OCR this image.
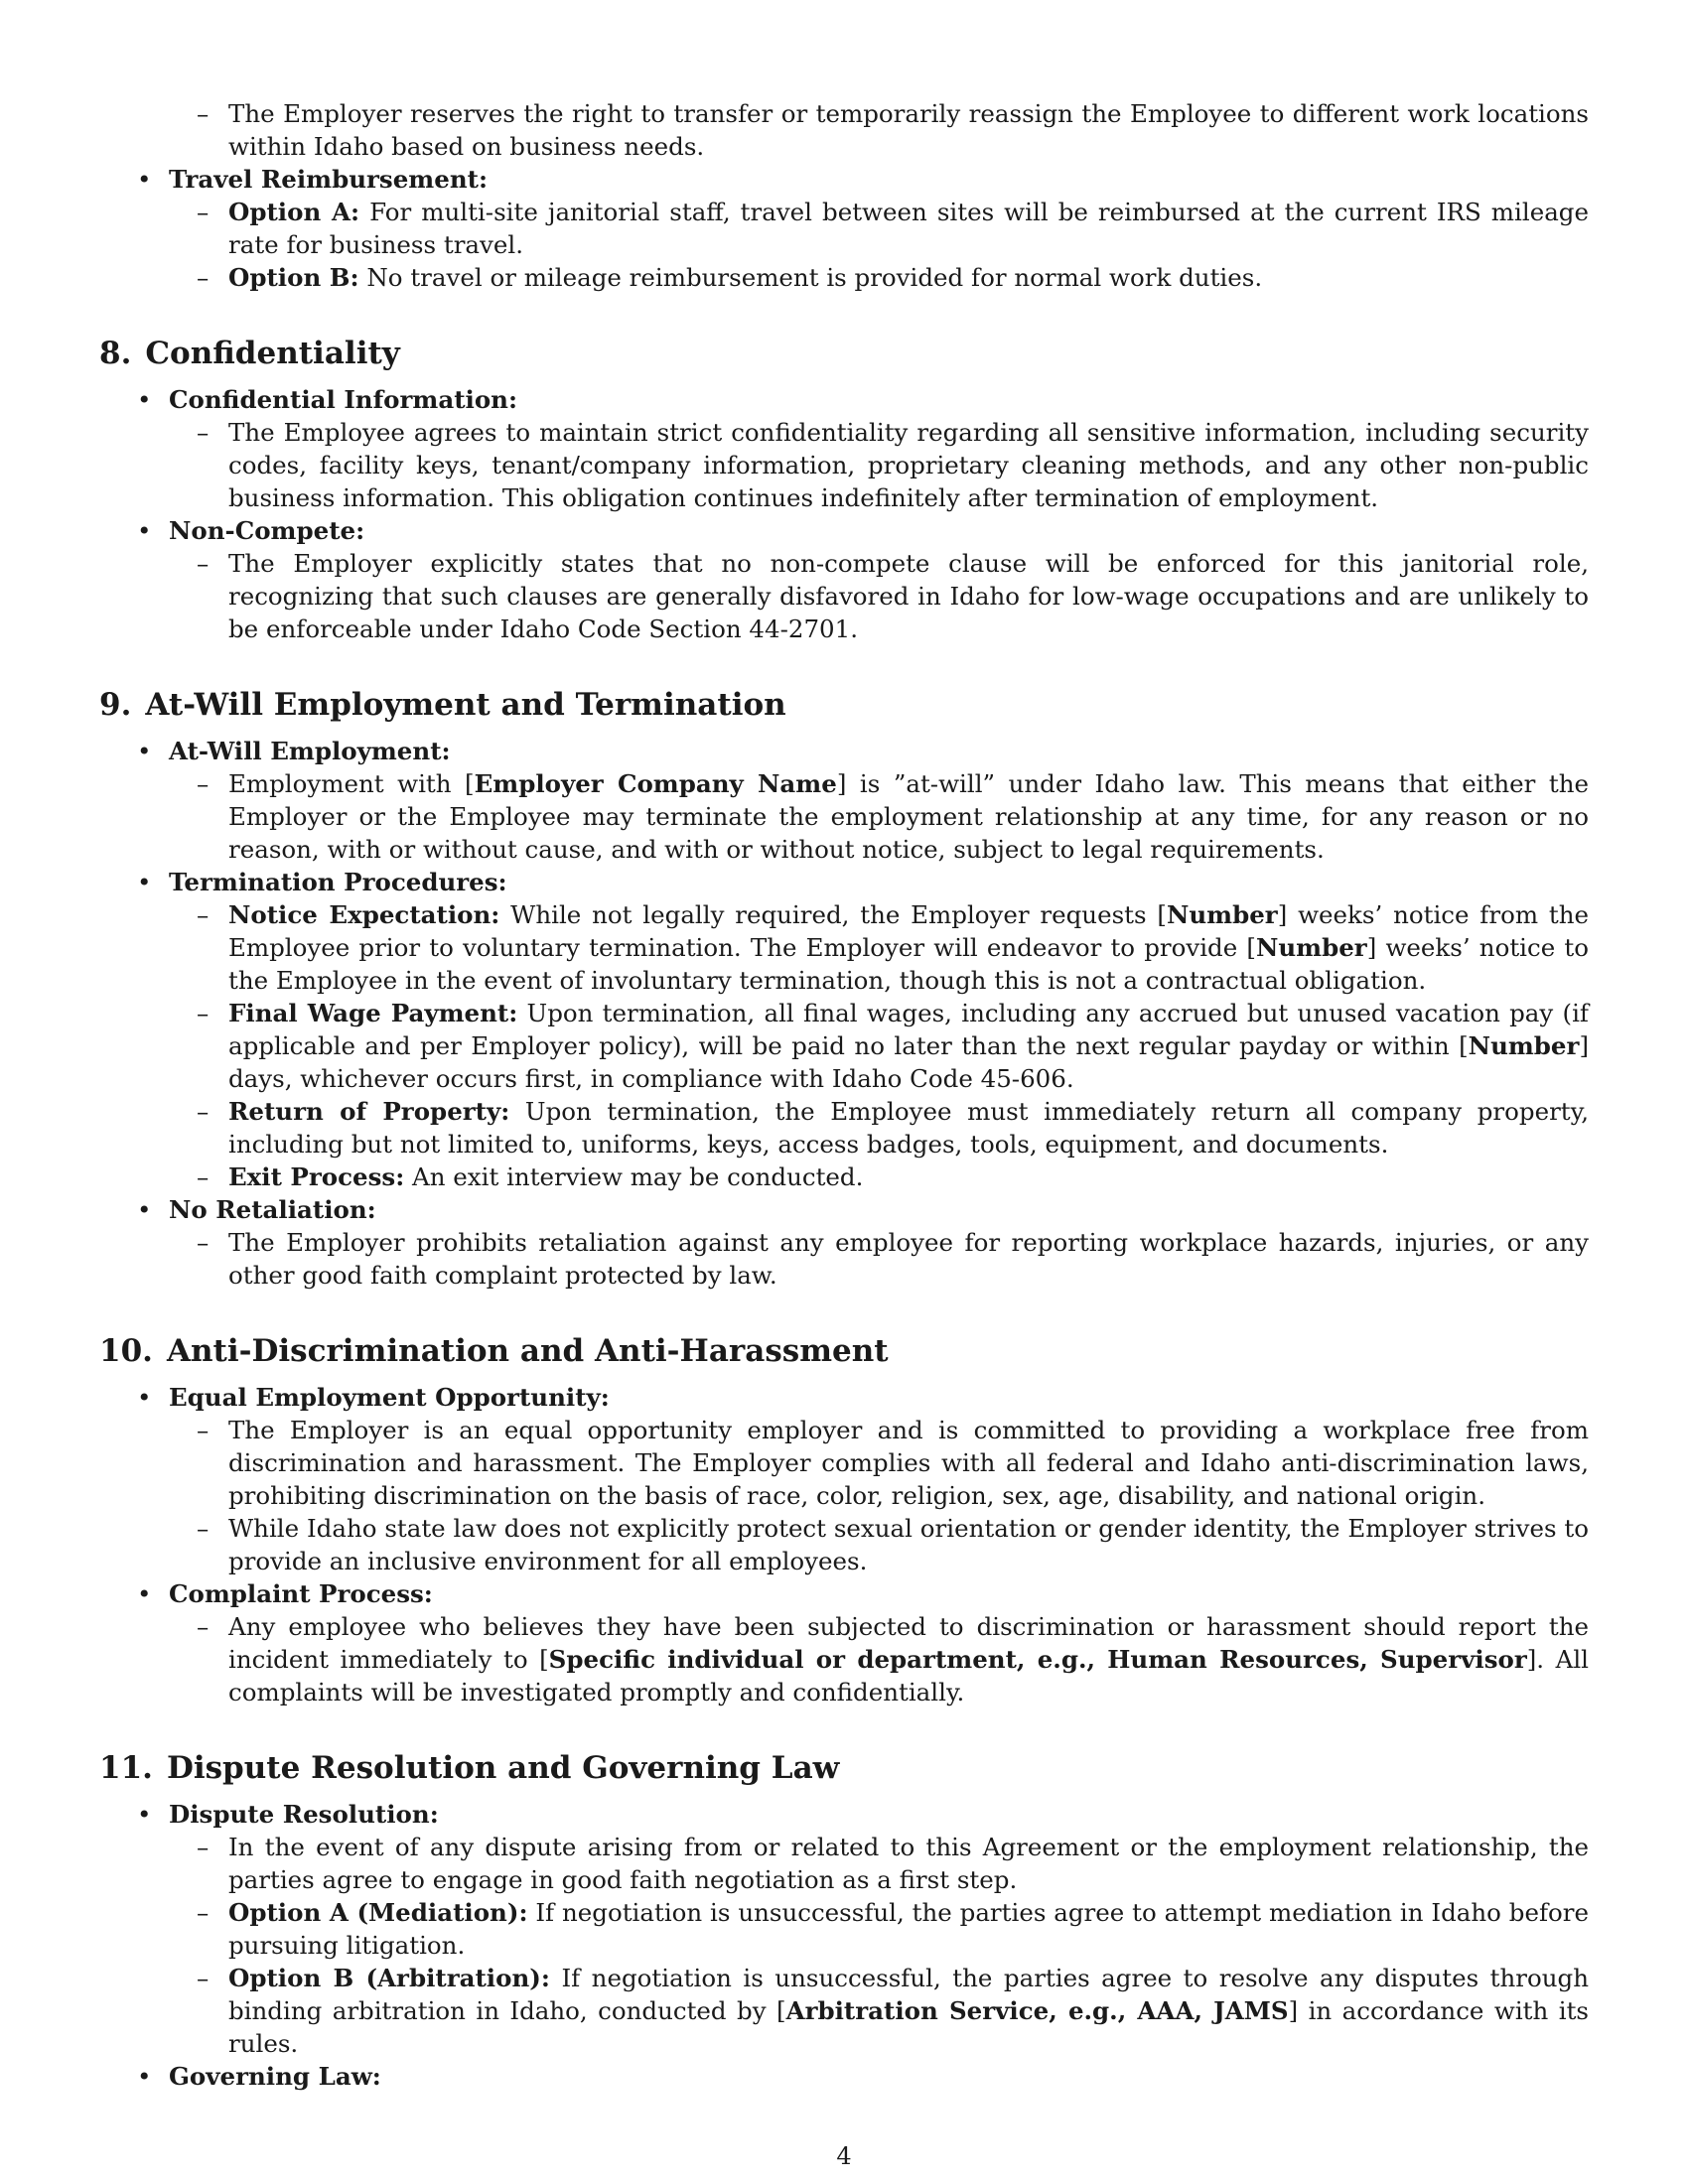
– The Employer reserves the right to transfer or temporarily reassign the Employee to different work locations within Idaho based on business needs.

• Travel Reimbursement:

– Option A: For multi-site janitorial staff, travel between sites will be reimbursed at the current IRS mileage rate for business travel.

– Option B: No travel or mileage reimbursement is provided for normal work duties.

8. Confidentiality

• Confidential Information:

– The Employee agrees to maintain strict confidentiality regarding all sensitive information, including security codes, facility keys, tenant/company information, proprietary cleaning methods, and any other non-public business information. This obligation continues indefinitely after termination of employment.

• Non-Compete:

– The Employer explicitly states that no non-compete clause will be enforced for this janitorial role, recognizing that such clauses are generally disfavored in Idaho for low-wage occupations and are unlikely to be enforceable under Idaho Code Section 44-2701.

9. At-Will Employment and Termination

• At-Will Employment:

– Employment with [Employer Company Name] is ”at-will” under Idaho law. This means that either the Employer or the Employee may terminate the employment relationship at any time, for any reason or no reason, with or without cause, and with or without notice, subject to legal requirements.

• Termination Procedures:

– Notice Expectation: While not legally required, the Employer requests [Number] weeks’ notice from the Employee prior to voluntary termination. The Employer will endeavor to provide [Number] weeks’ notice to the Employee in the event of involuntary termination, though this is not a contractual obligation.

– Final Wage Payment: Upon termination, all final wages, including any accrued but unused vacation pay (if applicable and per Employer policy), will be paid no later than the next regular payday or within [Number] days, whichever occurs first, in compliance with Idaho Code 45-606.

– Return of Property: Upon termination, the Employee must immediately return all company property, including but not limited to, uniforms, keys, access badges, tools, equipment, and documents.

– Exit Process: An exit interview may be conducted.

• No Retaliation:

– The Employer prohibits retaliation against any employee for reporting workplace hazards, injuries, or any other good faith complaint protected by law.

10. Anti-Discrimination and Anti-Harassment

• Equal Employment Opportunity:

– The Employer is an equal opportunity employer and is committed to providing a workplace free from discrimination and harassment. The Employer complies with all federal and Idaho anti-discrimination laws, prohibiting discrimination on the basis of race, color, religion, sex, age, disability, and national origin.

– While Idaho state law does not explicitly protect sexual orientation or gender identity, the Employer strives to provide an inclusive environment for all employees.

• Complaint Process:

– Any employee who believes they have been subjected to discrimination or harassment should report the incident immediately to [Specific individual or department, e.g., Human Resources, Supervisor]. All complaints will be investigated promptly and confidentially.

11. Dispute Resolution and Governing Law

• Dispute Resolution:

– In the event of any dispute arising from or related to this Agreement or the employment relationship, the parties agree to engage in good faith negotiation as a first step.

– Option A (Mediation): If negotiation is unsuccessful, the parties agree to attempt mediation in Idaho before pursuing litigation.

– Option B (Arbitration): If negotiation is unsuccessful, the parties agree to resolve any disputes through binding arbitration in Idaho, conducted by [Arbitration Service, e.g., AAA, JAMS] in accordance with its rules.

• Governing Law:

4
